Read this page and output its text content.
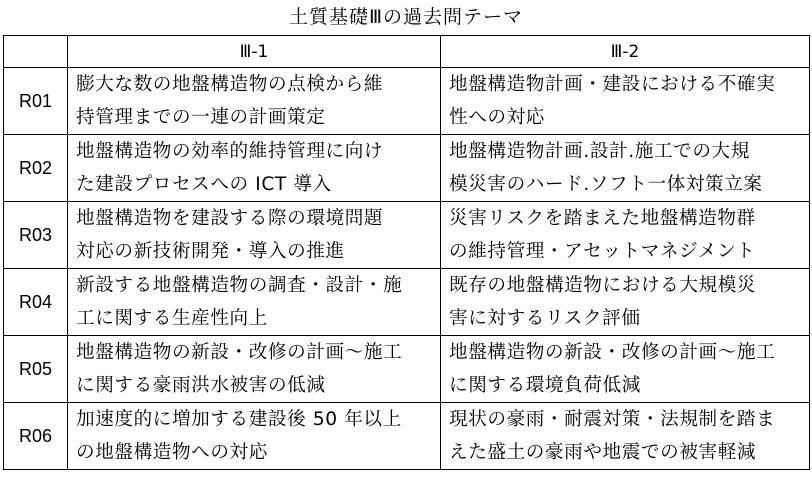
土質基礎Ⅲの過去問テーマ
	Ⅲ-1	Ⅲ-2
R01	膨大な数の地盤構造物の点検から維
持管理までの一連の計画策定	地盤構造物計画・建設における不確実
性への対応

R02	地盤構造物の効率的維持管理に向け
た建設プロセスへの ICT 導入	地盤構造物計画.設計.施工での大規
模災害のハード.ソフト一体対策立案

R03	地盤構造物を建設する際の環境問題
対応の新技術開発・導入の推進	災害リスクを踏まえた地盤構造物群
の維持管理・アセットマネジメント

R04	新設する地盤構造物の調査・設計・施
工に関する生産性向上	既存の地盤構造物における大規模災
害に対するリスク評価

R05	地盤構造物の新設・改修の計画～施工
に関する豪雨洪水被害の低減	地盤構造物の新設・改修の計画～施工
に関する環境負荷低減

R06	加速度的に増加する建設後 50 年以上
の地盤構造物への対応	現状の豪雨・耐震対策・法規制を踏ま
えた盛土の豪雨や地震での被害軽減
